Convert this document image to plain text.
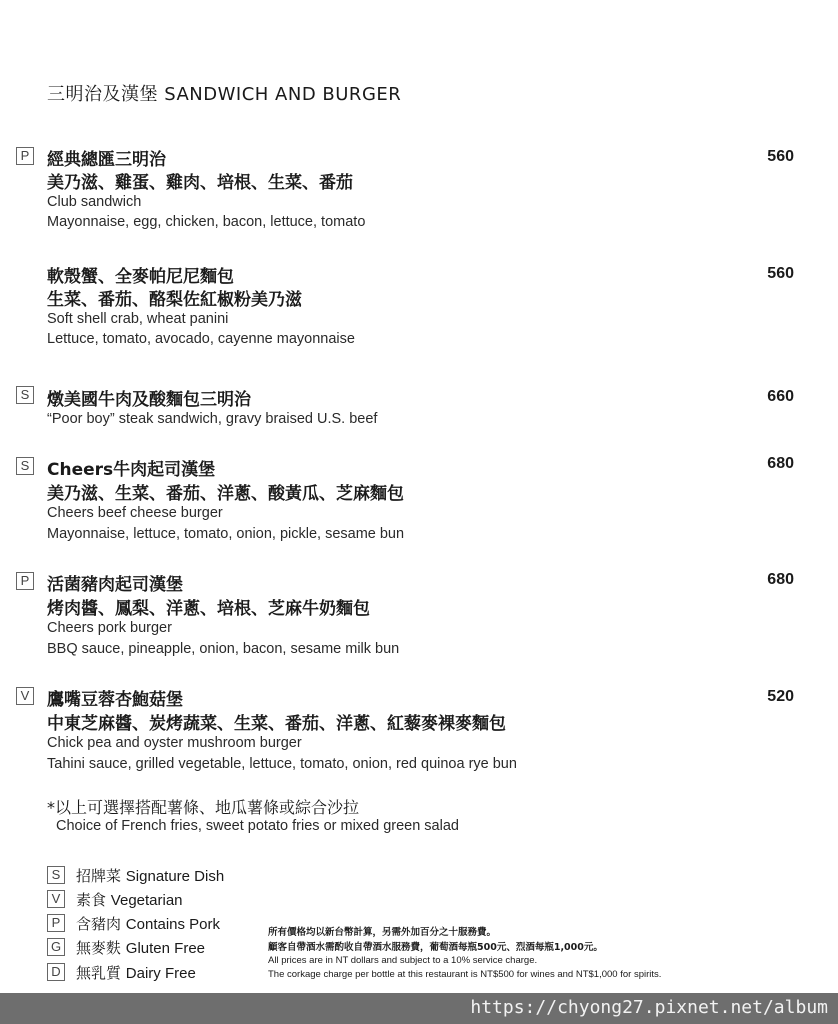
三明治及漢堡 SANDWICH AND BURGER
P 經典總匯三明治
美乃滋、雞蛋、雞肉、培根、生菜、番茄
Club sandwich
Mayonnaise, egg, chicken, bacon, lettuce, tomato
560
軟殼蟹、全麥帕尼尼麵包
生菜、番茄、酪梨佐紅椒粉美乃滋
Soft shell crab, wheat panini
Lettuce, tomato, avocado, cayenne mayonnaise
560
S 燉美國牛肉及酸麵包三明治
“Poor boy” steak sandwich, gravy braised U.S. beef
660
S Cheers牛肉起司漢堡
美乃滋、生菜、番茄、洋蔥、酸黃瓜、芝麻麵包
Cheers beef cheese burger
Mayonnaise, lettuce, tomato, onion, pickle, sesame bun
680
P 活菌豬肉起司漢堡
烤肉醬、鳳梨、洋蔥、培根、芝麻牛奶麵包
Cheers pork burger
BBQ sauce, pineapple, onion, bacon, sesame milk bun
680
V 鷹嘴豆蓉杏鮑菇堡
中東芝麻醬、炭烤蔬菜、生菜、番茄、洋蔥、紅藜麥裸麥麵包
Chick pea and oyster mushroom burger
Tahini sauce, grilled vegetable, lettuce, tomato, onion, red quinoa rye bun
520
*以上可選擇搭配薯條、地瓜薯條或綜合沙拉
Choice of French fries, sweet potato fries or mixed green salad
S	招牌菜 Signature Dish
V	素食 Vegetarian
P	含豬肉 Contains Pork
G 無麥麩 Gluten Free
D 無乳質 Dairy Free
所有價格均以新台幣計算，另需外加百分之十服務費。
顧客自帶酒水需酌收自帶酒水服務費，葡萄酒每瓶500元、烈酒每瓶1,000元。
All prices are in NT dollars and subject to a 10% service charge.
The corkage charge per bottle at this restaurant is NT$500 for wines and NT$1,000 for spirits.
https://chyong27.pixnet.net/album
